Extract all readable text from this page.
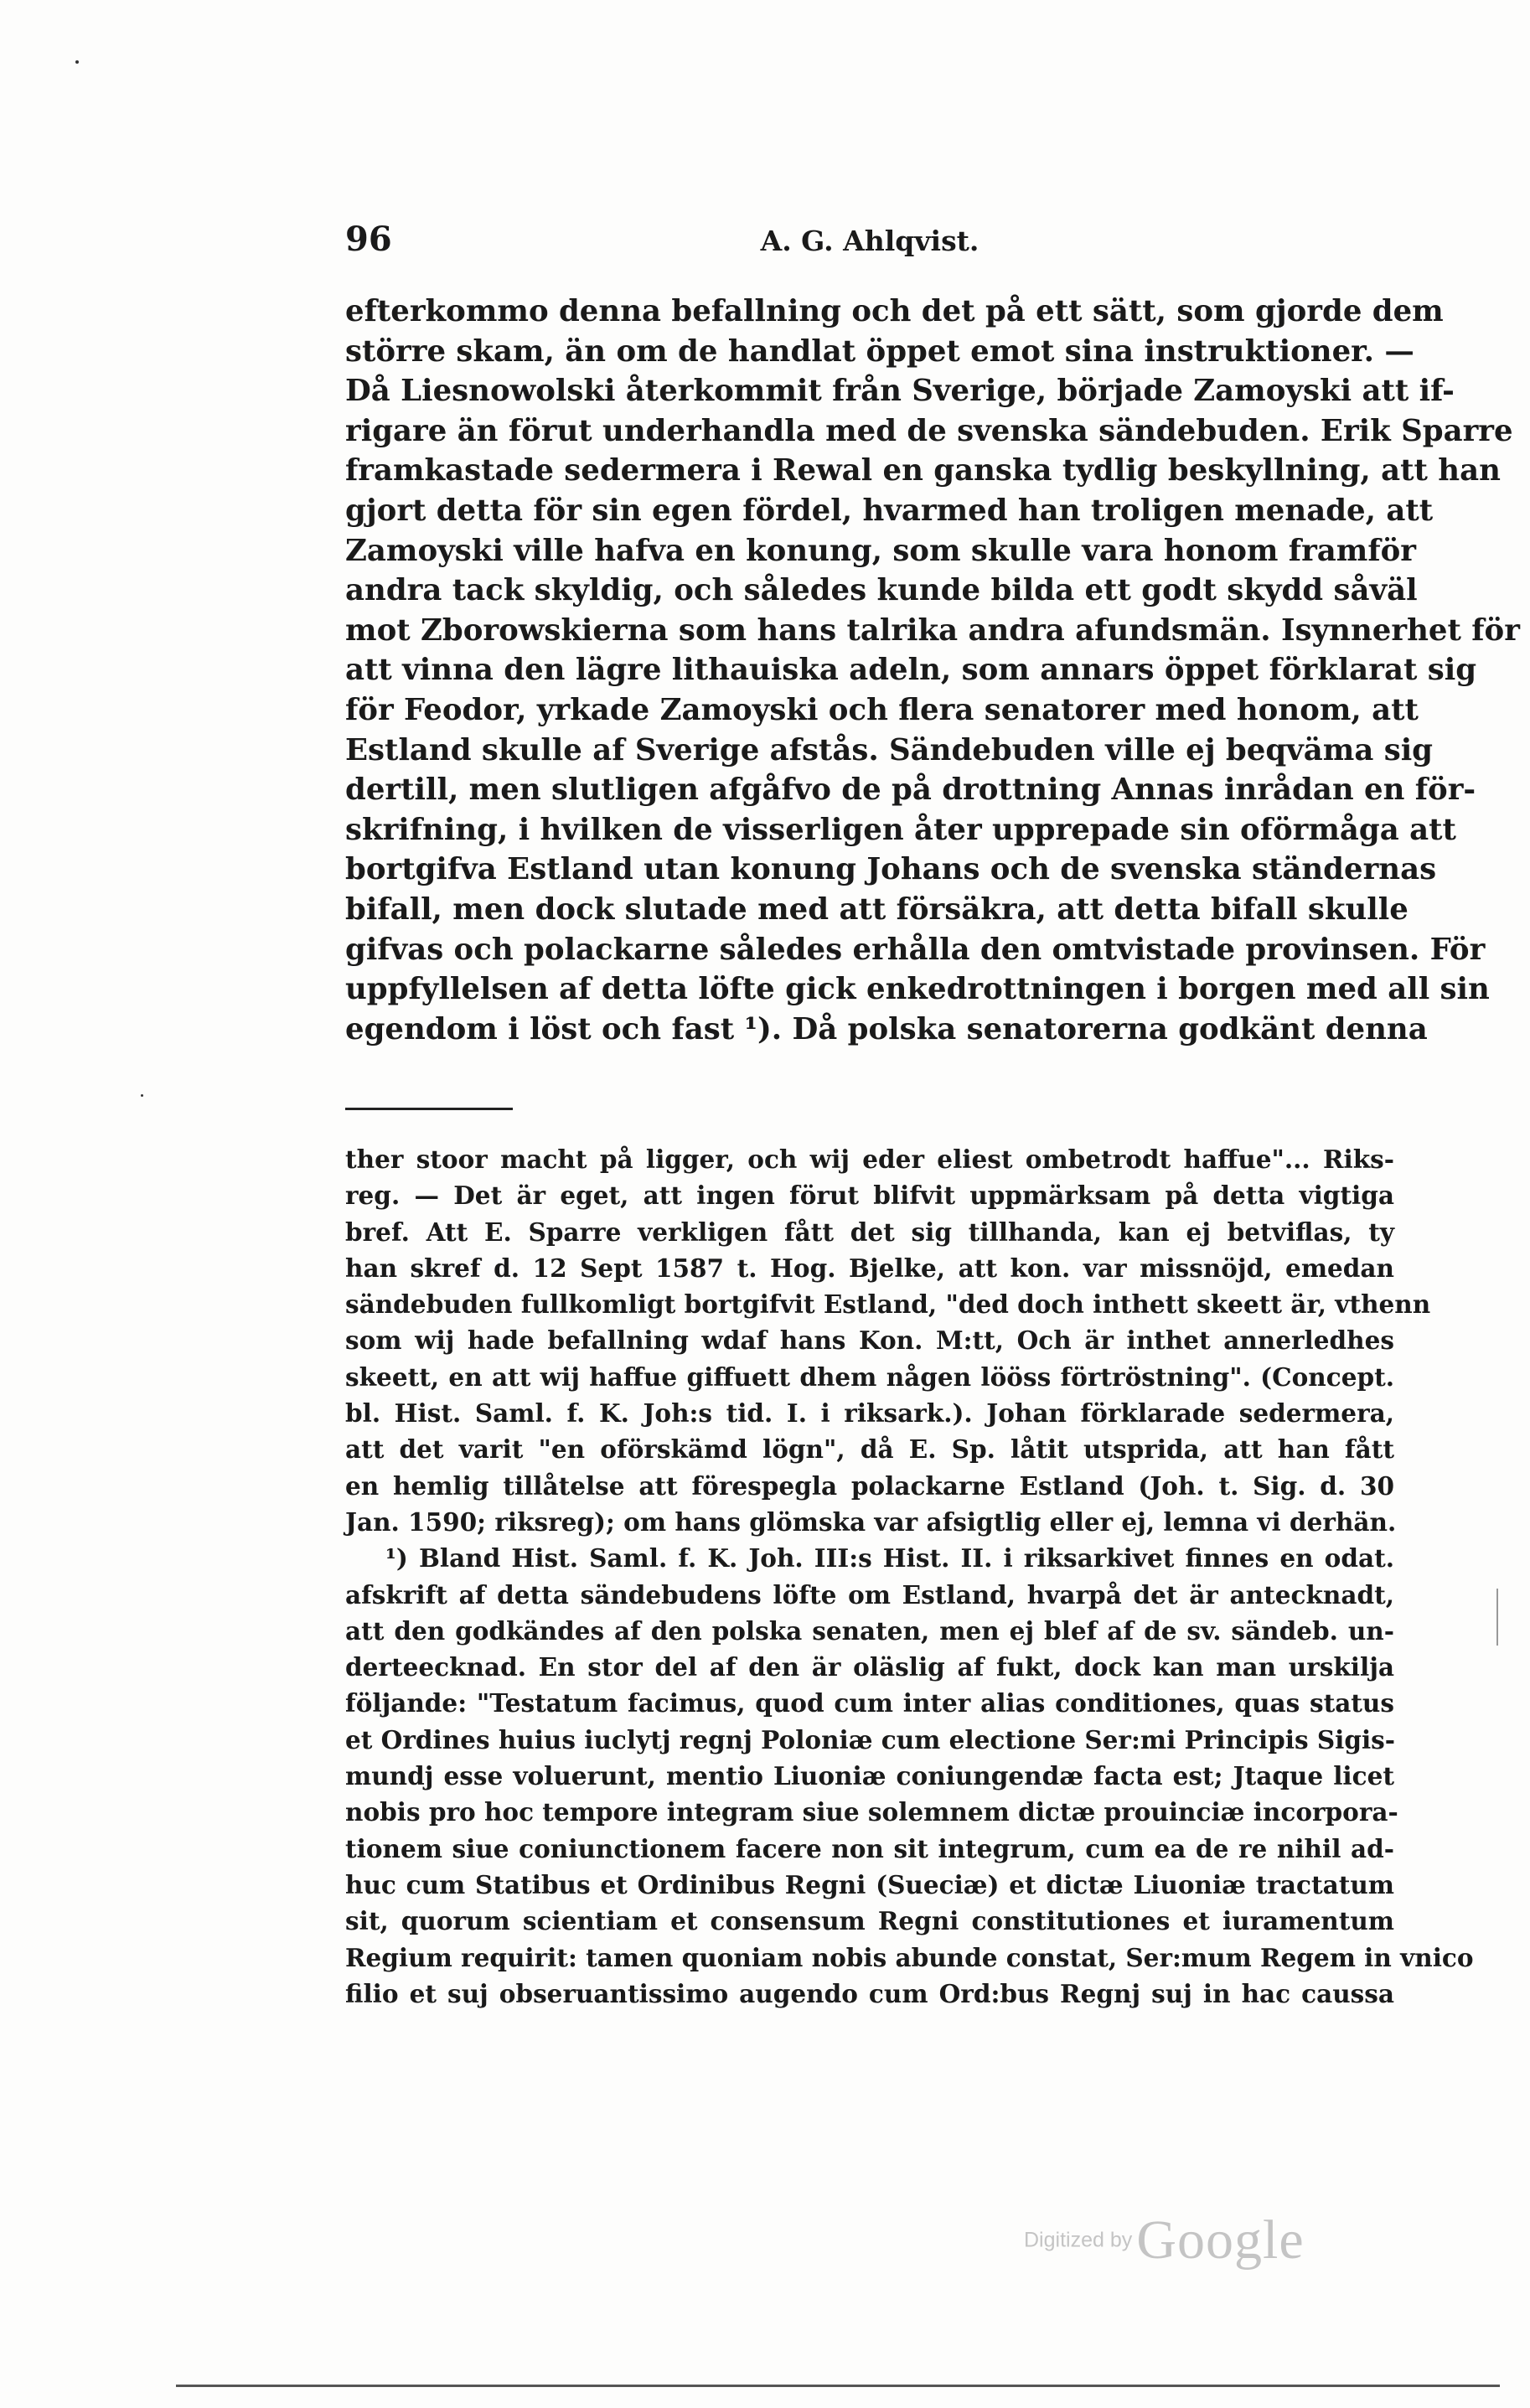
96	A. G. Ahlqvist.
efterkommo denna befallning och det på ett sätt, som gjorde dem
större skam, än om de handlat öppet emot sina instruktioner. —
Då Liesnowolski återkommit från Sverige, började Zamoyski att if-
rigare än förut underhandla med de svenska sändebuden. Erik Sparre
framkastade sedermera i Rewal en ganska tydlig beskyllning, att han
gjort detta för sin egen fördel, hvarmed han troligen menade, att
Zamoyski ville hafva en konung, som skulle vara honom framför
andra tack skyldig, och således kunde bilda ett godt skydd såväl
mot Zborowskierna som hans talrika andra afundsmän. Isynnerhet för
att vinna den lägre lithauiska adeln, som annars öppet förklarat sig
för Feodor, yrkade Zamoyski och flera senatorer med honom, att
Estland skulle af Sverige afstås. Sändebuden ville ej beqväma sig
dertill, men slutligen afgåfvo de på drottning Annas inrådan en för-
skrifning, i hvilken de visserligen åter upprepade sin oförmåga att
bortgifva Estland utan konung Johans och de svenska ständernas
bifall, men dock slutade med att försäkra, att detta bifall skulle
gifvas och polackarne således erhålla den omtvistade provinsen. För
uppfyllelsen af detta löfte gick enkedrottningen i borgen med all sin
egendom i löst och fast ¹). Då polska senatorerna godkänt denna
ther stoor macht på ligger, och wij eder eliest ombetrodt haffue"... Riks-
reg. — Det är eget, att ingen förut blifvit uppmärksam på detta vigtiga
bref. Att E. Sparre verkligen fått det sig tillhanda, kan ej betviflas, ty
han skref d. 12 Sept 1587 t. Hog. Bjelke, att kon. var missnöjd, emedan
sändebuden fullkomligt bortgifvit Estland, "ded doch inthett skeett är, vthenn
som wij hade befallning wdaf hans Kon. M:tt, Och är inthet annerledhes
skeett, en att wij haffue giffuett dhem någen lööss förtröstning". (Concept.
bl. Hist. Saml. f. K. Joh:s tid. I. i riksark.). Johan förklarade sedermera,
att det varit "en oförskämd lögn", då E. Sp. låtit utsprida, att han fått
en hemlig tillåtelse att förespegla polackarne Estland (Joh. t. Sig. d. 30
Jan. 1590; riksreg); om hans glömska var afsigtlig eller ej, lemna vi derhän.
¹) Bland Hist. Saml. f. K. Joh. III:s Hist. II. i riksarkivet finnes en odat.
afskrift af detta sändebudens löfte om Estland, hvarpå det är antecknadt,
att den godkändes af den polska senaten, men ej blef af de sv. sändeb. un-
derteecknad. En stor del af den är oläslig af fukt, dock kan man urskilja
följande: "Testatum facimus, quod cum inter alias conditiones, quas status
et Ordines huius iuclytj regnj Poloniæ cum electione Ser:mi Principis Sigis-
mundj esse voluerunt, mentio Liuoniæ coniungendæ facta est; Jtaque licet
nobis pro hoc tempore integram siue solemnem dictæ prouinciæ incorpora-
tionem siue coniunctionem facere non sit integrum, cum ea de re nihil ad-
huc cum Statibus et Ordinibus Regni (Sueciæ) et dictæ Liuoniæ tractatum
sit, quorum scientiam et consensum Regni constitutiones et iuramentum
Regium requirit: tamen quoniam nobis abunde constat, Ser:mum Regem in vnico
filio et suj obseruantissimo augendo cum Ord:bus Regnj suj in hac caussa
Digitized by Google
